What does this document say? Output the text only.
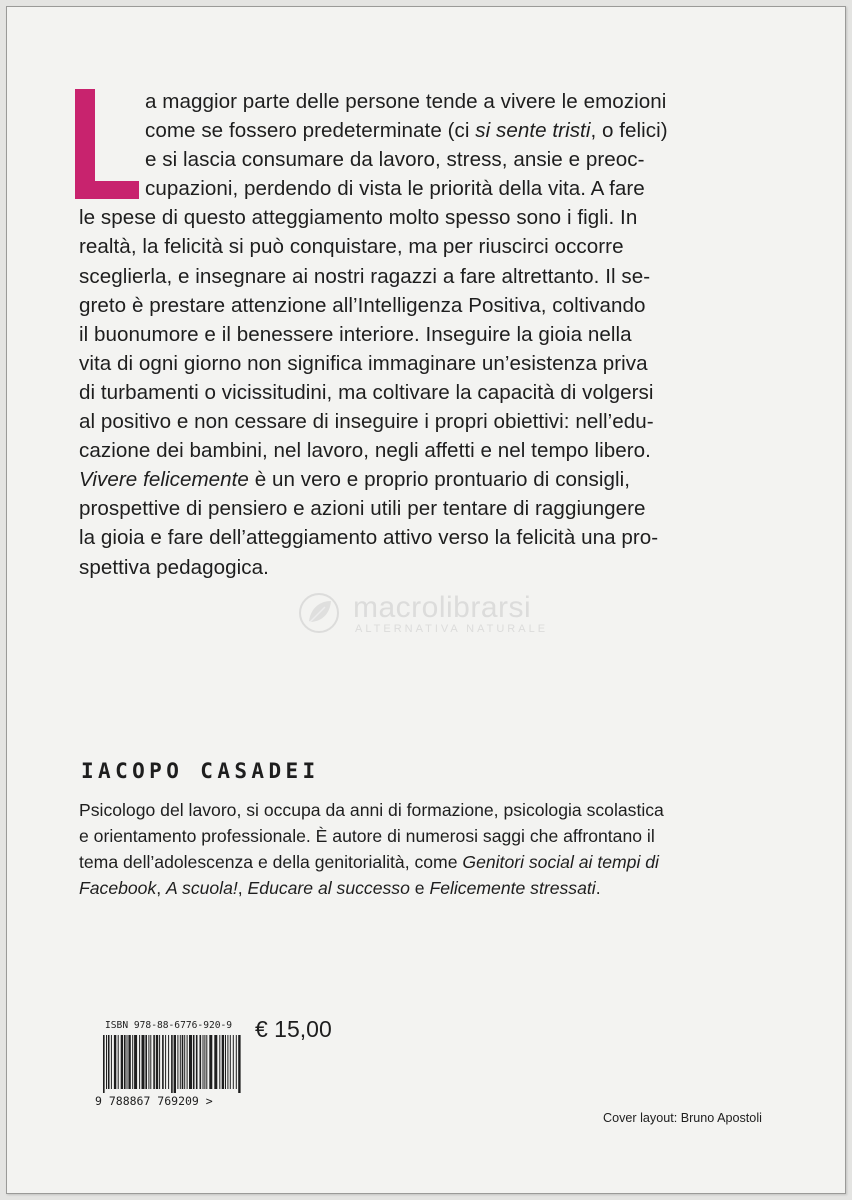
a maggior parte delle persone tende a vivere le emozioni
come se fossero predeterminate (ci si sente tristi, o felici)
e si lascia consumare da lavoro, stress, ansie e preoc-
cupazioni, perdendo di vista le priorità della vita. A fare
le spese di questo atteggiamento molto spesso sono i figli. In
realtà, la felicità si può conquistare, ma per riuscirci occorre
sceglierla, e insegnare ai nostri ragazzi a fare altrettanto. Il se-
greto è prestare attenzione all’Intelligenza Positiva, coltivando
il buonumore e il benessere interiore. Inseguire la gioia nella
vita di ogni giorno non significa immaginare un’esistenza priva
di turbamenti o vicissitudini, ma coltivare la capacità di volgersi
al positivo e non cessare di inseguire i propri obiettivi: nell’edu-
cazione dei bambini, nel lavoro, negli affetti e nel tempo libero.
Vivere felicemente è un vero e proprio prontuario di consigli,
prospettive di pensiero e azioni utili per tentare di raggiungere
la gioia e fare dell’atteggiamento attivo verso la felicità una pro-
spettiva pedagogica.
macrolibrarsi
ALTERNATIVA NATURALE
IACOPO CASADEI
Psicologo del lavoro, si occupa da anni di formazione, psicologia scolastica
e orientamento professionale. È autore di numerosi saggi che affrontano il
tema dell’adolescenza e della genitorialità, come Genitori social ai tempi di
Facebook, A scuola!, Educare al successo e Felicemente stressati.
ISBN 978-88-6776-920-9
9 788867 769209 >
€ 15,00
Cover layout: Bruno Apostoli
